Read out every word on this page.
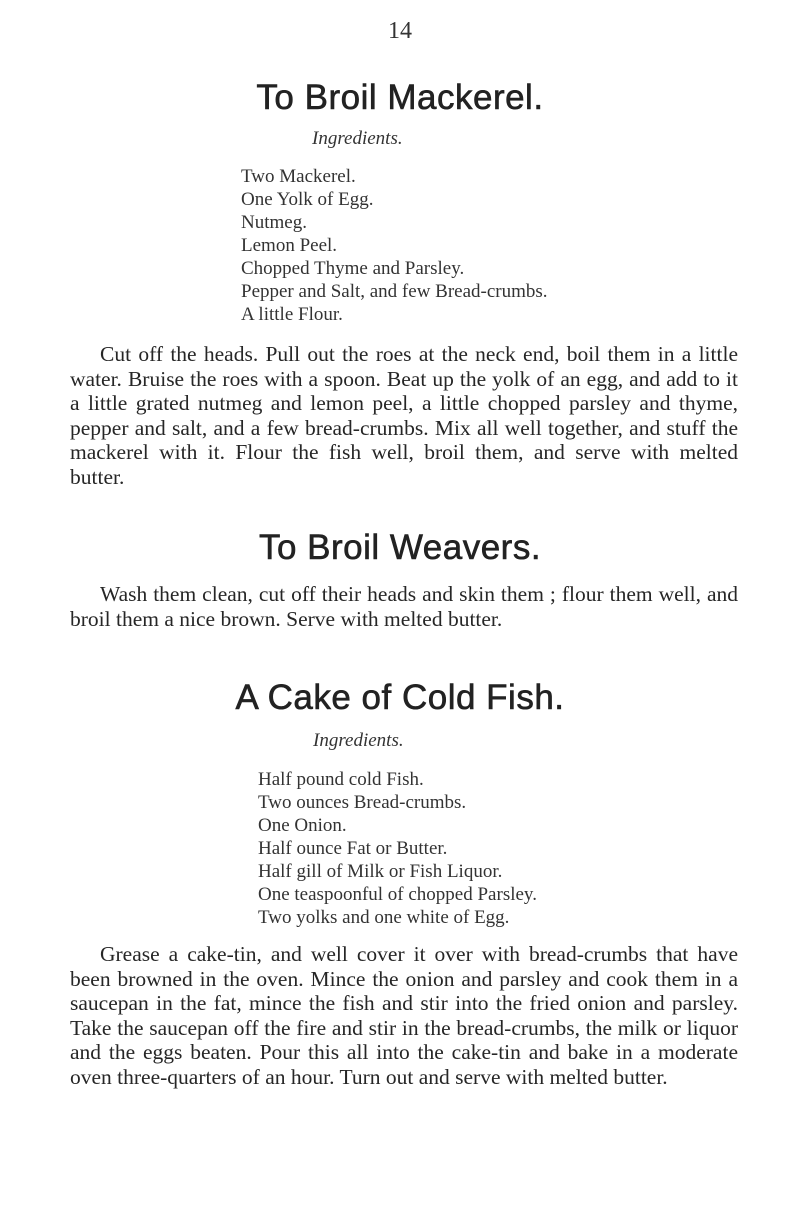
14
To Broil Mackerel.
Ingredients.
Two Mackerel.
One Yolk of Egg.
Nutmeg.
Lemon Peel.
Chopped Thyme and Parsley.
Pepper and Salt, and few Bread-crumbs.
A little Flour.

Cut off the heads. Pull out the roes at the neck end, boil them in a little water. Bruise the roes with a spoon. Beat up the yolk of an egg, and add to it a little grated nutmeg and lemon peel, a little chopped parsley and thyme, pepper and salt, and a few bread-crumbs. Mix all well together, and stuff the mackerel with it. Flour the fish well, broil them, and serve with melted butter.

To Broil Weavers.

Wash them clean, cut off their heads and skin them ; flour them well, and broil them a nice brown. Serve with melted butter.

A Cake of Cold Fish.
Ingredients.
Half pound cold Fish.
Two ounces Bread-crumbs.
One Onion.
Half ounce Fat or Butter.
Half gill of Milk or Fish Liquor.
One teaspoonful of chopped Parsley.
Two yolks and one white of Egg.

Grease a cake-tin, and well cover it over with bread-crumbs that have been browned in the oven. Mince the onion and parsley and cook them in a saucepan in the fat, mince the fish and stir into the fried onion and parsley. Take the saucepan off the fire and stir in the bread-crumbs, the milk or liquor and the eggs beaten. Pour this all into the cake-tin and bake in a moderate oven three-quarters of an hour. Turn out and serve with melted butter.
